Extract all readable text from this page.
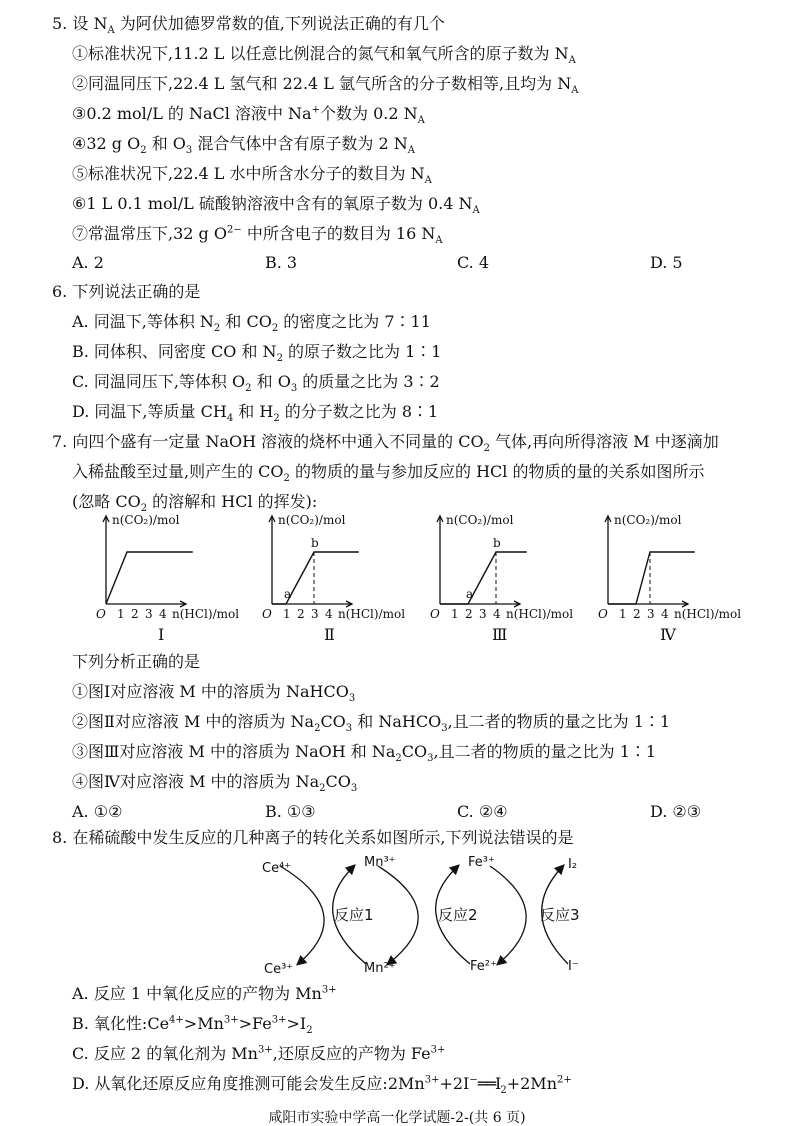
5. 设 $N_A$ 为阿伏加德罗常数的值,下列说法正确的有几个
①标准状况下,11.2 L 以任意比例混合的氮气和氧气所含的原子数为 $N_A$
②同温同压下,22.4 L 氢气和 22.4 L 氩气所含的分子数相等,且均为 $N_A$
③0.2 mol/L 的 NaCl 溶液中 Na+个数为 0.2 $N_A$
④32 g $O_2$ 和 $O_3$ 混合气体中含有原子数为 2 $N_A$
⑤标准状况下,22.4 L 水中所含水分子的数目为 $N_A$
⑥1 L 0.1 mol/L 硫酸钠溶液中含有的氧原子数为 0.4 $N_A$
⑦常温常压下,32 g $O^{2-}$ 中所含电子的数目为 16 $N_A$
A. 2	B. 3	C. 4	D. 5
6. 下列说法正确的是
A. 同温下,等体积 $N_2$ 和 $CO_2$ 的密度之比为 7∶11
B. 同体积、同密度 CO 和 $N_2$ 的原子数之比为 1∶1
C. 同温同压下,等体积 $O_2$ 和 $O_3$ 的质量之比为 3∶2
D. 同温下,等质量 $CH_4$ 和 $H_2$ 的分子数之比为 8∶1
7. 向四个盛有一定量 NaOH 溶液的烧杯中通入不同量的 $CO_2$ 气体,再向所得溶液 M 中逐滴加
入稀盐酸至过量,则产生的 $CO_2$ 的物质的量与参加反应的 HCl 的物质的量的关系如图所示
(忽略 $CO_2$ 的溶解和 HCl 的挥发):
n(CO₂)/mol
n(HCl)/mol
O 1 2 3 4
Ⅰ
n(CO₂)/mol
n(HCl)/mol
O 1 2 3 4
a
b
Ⅱ
n(CO₂)/mol
n(HCl)/mol
O 1 2 3 4
a
b
Ⅲ
n(CO₂)/mol
n(HCl)/mol
O 1 2 3 4
Ⅳ
下列分析正确的是
①图Ⅰ对应溶液 M 中的溶质为 NaHCO$_3$
②图Ⅱ对应溶液 M 中的溶质为 $Na_2CO_3$ 和 NaHCO$_3$,且二者的物质的量之比为 1∶1
③图Ⅲ对应溶液 M 中的溶质为 NaOH 和 $Na_2CO_3$,且二者的物质的量之比为 1∶1
④图Ⅳ对应溶液 M 中的溶质为 $Na_2CO_3$
A. ①②	B. ①③	C. ②④	D. ②③
8. 在稀硫酸中发生反应的几种离子的转化关系如图所示,下列说法错误的是
Ce⁴⁺	Mn³⁺	Fe³⁺	I₂
Ce³⁺	Mn²⁺	Fe²⁺	I⁻
反应1	反应2	反应3
A. 反应 1 中氧化反应的产物为 $Mn^{3+}$
B. 氧化性$:Ce^{4+}>Mn^{3+}>Fe^{3+}>I_2$
C. 反应 2 的氧化剂为 $Mn^{3+}$,还原反应的产物为 $Fe^{3+}$
D. 从氧化还原反应角度推测可能会发生反应$:2Mn^{3+}+2I^-══I_2+2Mn^{2+}$
咸阳市实验中学高一化学试题-2-(共 6 页)
